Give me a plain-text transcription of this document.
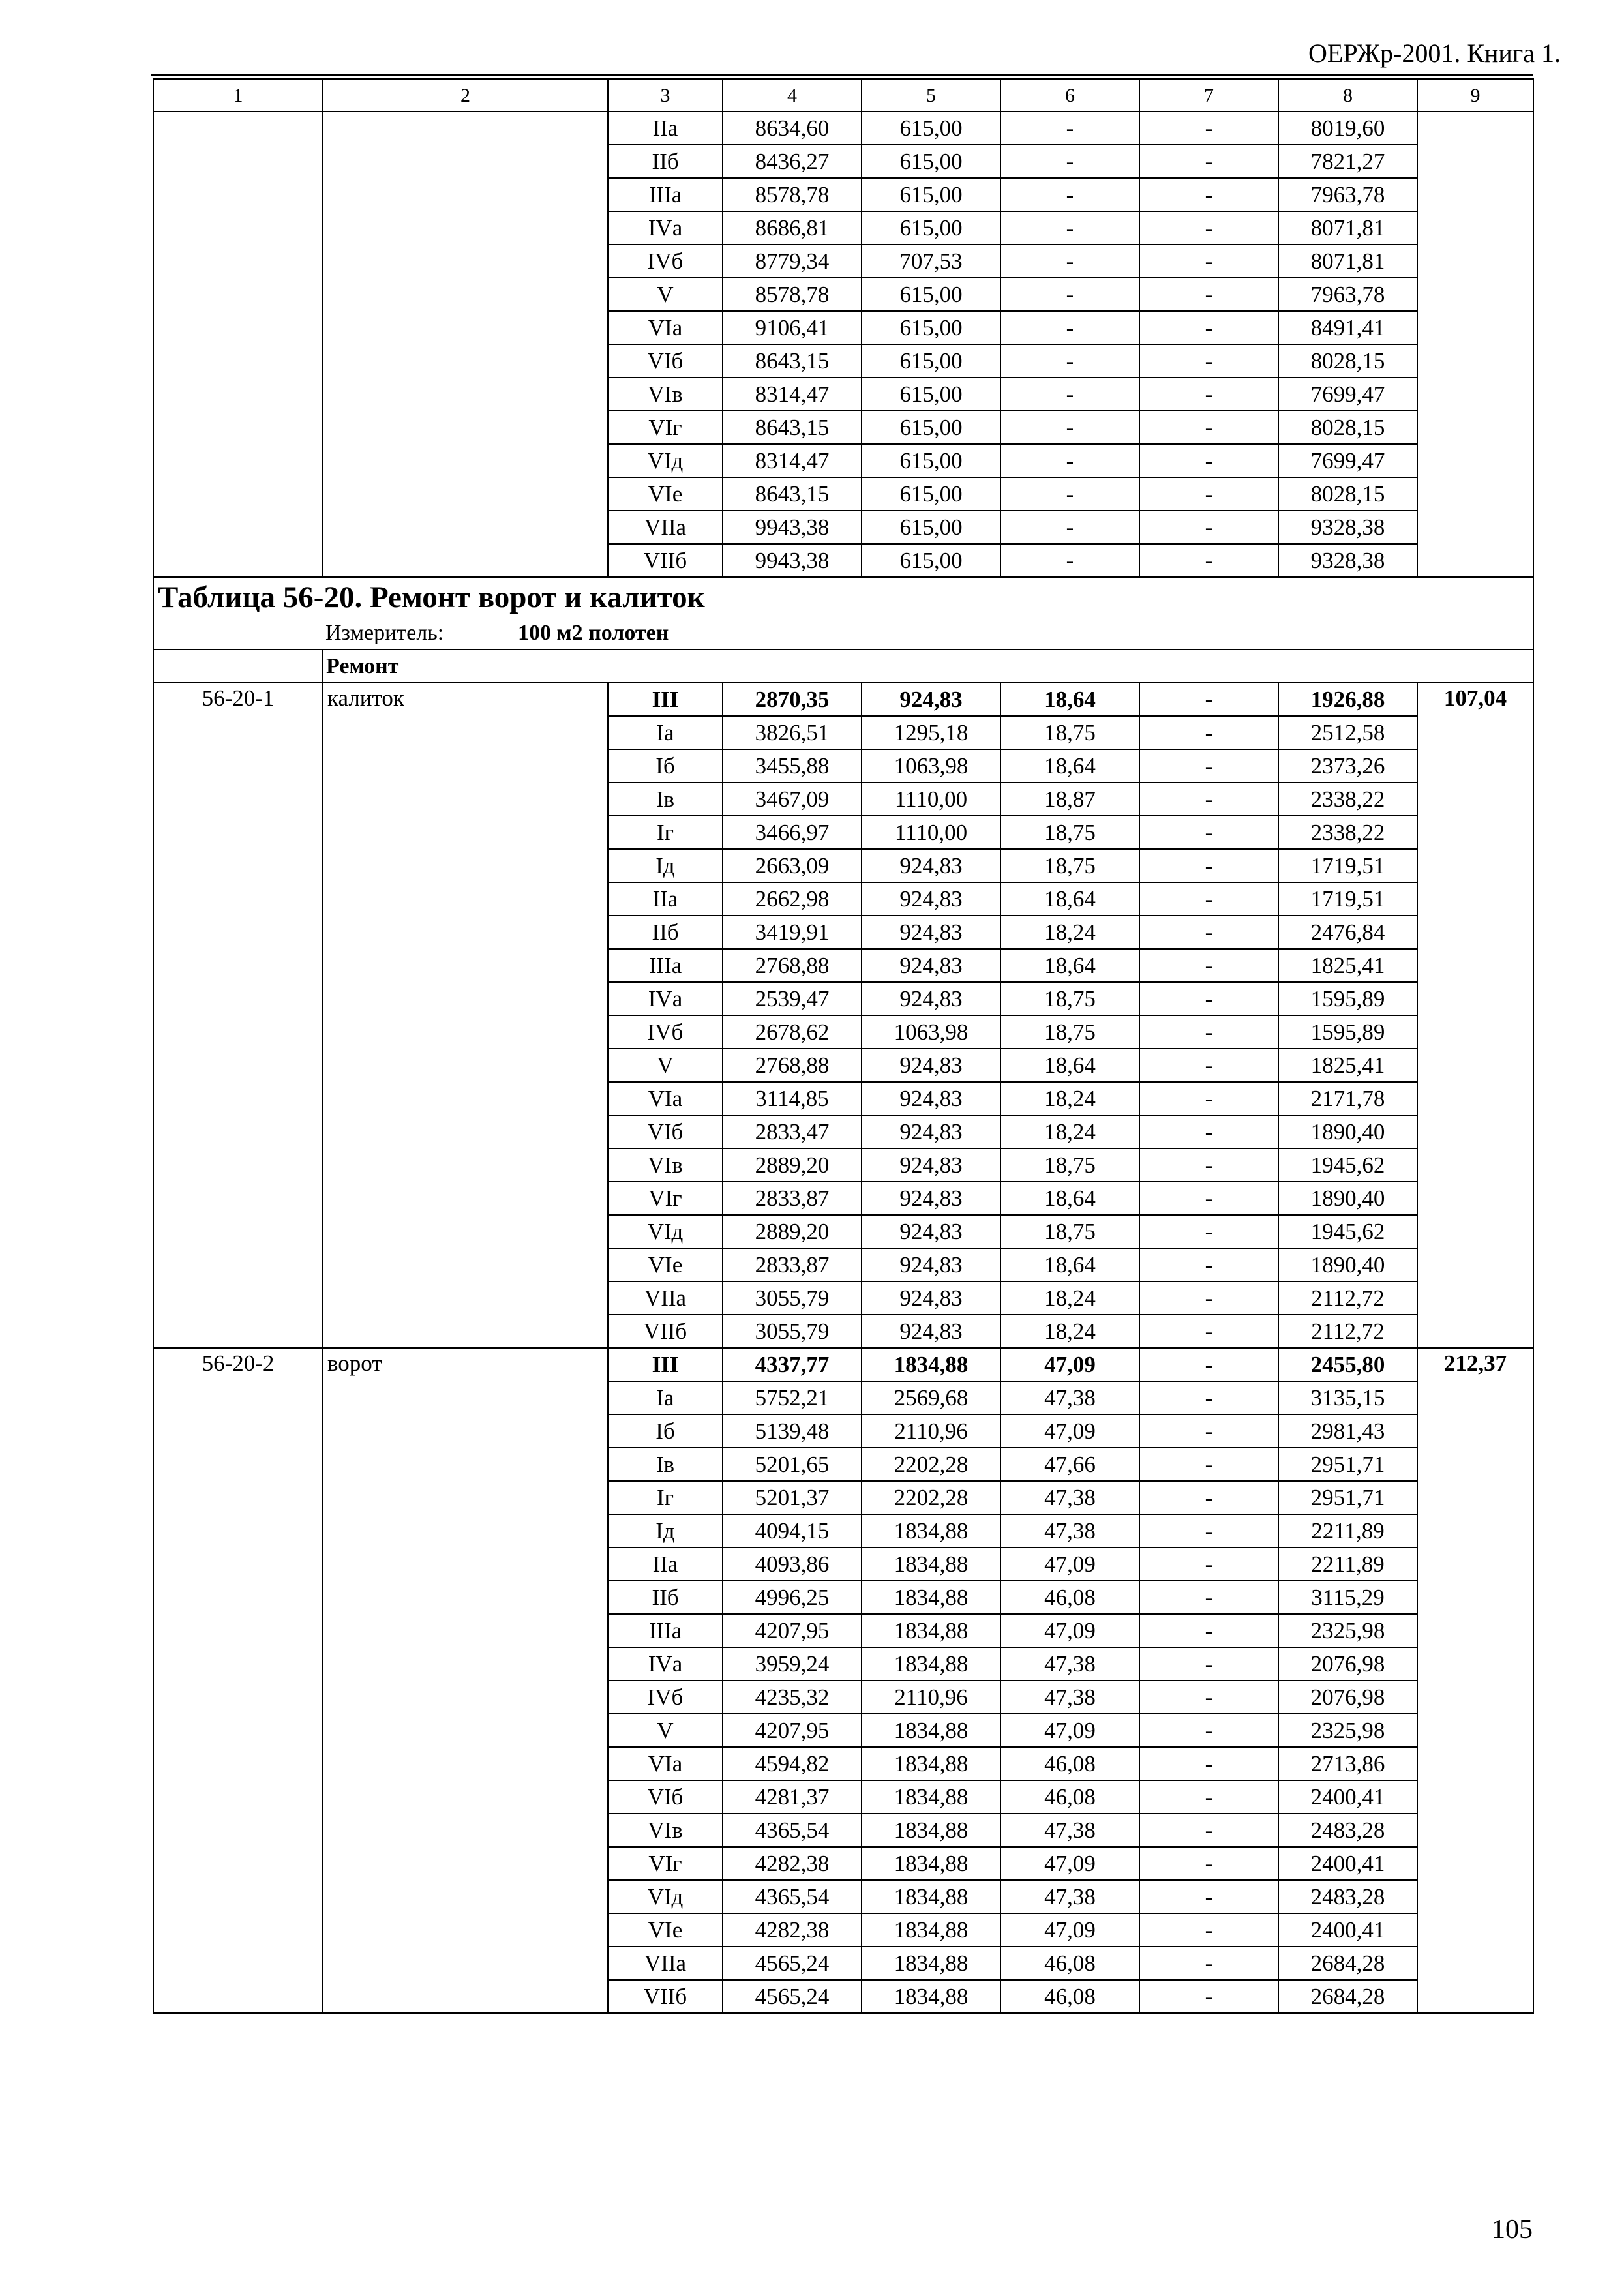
ОЕРЖр-2001. Книга 1.
1	2	3	4	5	6	7	8	9
		IIа	8634,60	615,00	-	-	8019,60	
		IIб	8436,27	615,00	-	-	7821,27	
		IIIа	8578,78	615,00	-	-	7963,78	
		IVа	8686,81	615,00	-	-	8071,81	
		IVб	8779,34	707,53	-	-	8071,81	
		V	8578,78	615,00	-	-	7963,78	
		VIа	9106,41	615,00	-	-	8491,41	
		VIб	8643,15	615,00	-	-	8028,15	
		VIв	8314,47	615,00	-	-	7699,47	
		VIг	8643,15	615,00	-	-	8028,15	
		VIд	8314,47	615,00	-	-	7699,47	
		VIе	8643,15	615,00	-	-	8028,15	
		VIIа	9943,38	615,00	-	-	9328,38	
		VIIб	9943,38	615,00	-	-	9328,38	
Таблица 56-20. Ремонт ворот и калиток								
	Измеритель: 100 м2 полотен							
	Ремонт							
56-20-1	калиток	III	2870,35	924,83	18,64	-	1926,88	107,04
		Iа	3826,51	1295,18	18,75	-	2512,58	
		Iб	3455,88	1063,98	18,64	-	2373,26	
		Iв	3467,09	1110,00	18,87	-	2338,22	
		Iг	3466,97	1110,00	18,75	-	2338,22	
		Iд	2663,09	924,83	18,75	-	1719,51	
		IIа	2662,98	924,83	18,64	-	1719,51	
		IIб	3419,91	924,83	18,24	-	2476,84	
		IIIа	2768,88	924,83	18,64	-	1825,41	
		IVа	2539,47	924,83	18,75	-	1595,89	
		IVб	2678,62	1063,98	18,75	-	1595,89	
		V	2768,88	924,83	18,64	-	1825,41	
		VIа	3114,85	924,83	18,24	-	2171,78	
		VIб	2833,47	924,83	18,24	-	1890,40	
		VIв	2889,20	924,83	18,75	-	1945,62	
		VIг	2833,87	924,83	18,64	-	1890,40	
		VIд	2889,20	924,83	18,75	-	1945,62	
		VIе	2833,87	924,83	18,64	-	1890,40	
		VIIа	3055,79	924,83	18,24	-	2112,72	
		VIIб	3055,79	924,83	18,24	-	2112,72	
56-20-2	ворот	III	4337,77	1834,88	47,09	-	2455,80	212,37
		Iа	5752,21	2569,68	47,38	-	3135,15	
		Iб	5139,48	2110,96	47,09	-	2981,43	
		Iв	5201,65	2202,28	47,66	-	2951,71	
		Iг	5201,37	2202,28	47,38	-	2951,71	
		Iд	4094,15	1834,88	47,38	-	2211,89	
		IIа	4093,86	1834,88	47,09	-	2211,89	
		IIб	4996,25	1834,88	46,08	-	3115,29	
		IIIа	4207,95	1834,88	47,09	-	2325,98	
		IVа	3959,24	1834,88	47,38	-	2076,98	
		IVб	4235,32	2110,96	47,38	-	2076,98	
		V	4207,95	1834,88	47,09	-	2325,98	
		VIа	4594,82	1834,88	46,08	-	2713,86	
		VIб	4281,37	1834,88	46,08	-	2400,41	
		VIв	4365,54	1834,88	47,38	-	2483,28	
		VIг	4282,38	1834,88	47,09	-	2400,41	
		VIд	4365,54	1834,88	47,38	-	2483,28	
		VIе	4282,38	1834,88	47,09	-	2400,41	
		VIIа	4565,24	1834,88	46,08	-	2684,28	
		VIIб	4565,24	1834,88	46,08	-	2684,28	
105
